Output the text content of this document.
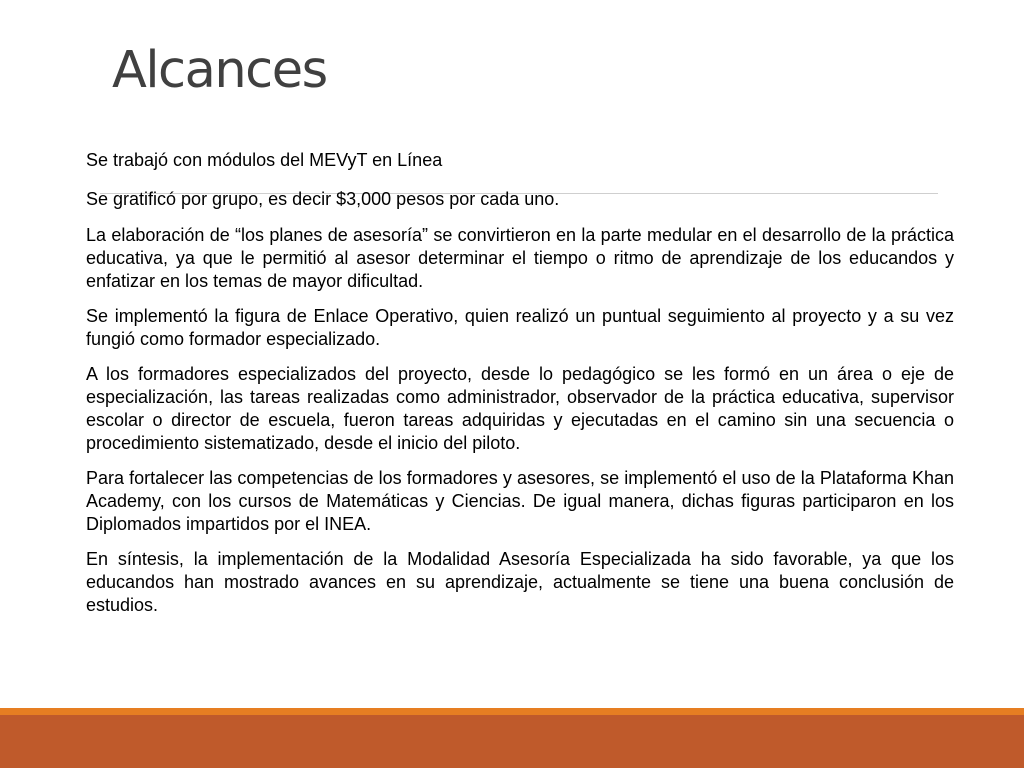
Alcances

Se trabajó con módulos del MEVyT en Línea

Se gratificó por grupo, es decir $3,000 pesos por cada uno.

La elaboración de “los planes de asesoría” se convirtieron en la parte medular en el desarrollo de la práctica educativa, ya que le permitió al asesor determinar el tiempo o ritmo de aprendizaje de los educandos y enfatizar en los temas de mayor dificultad.

Se implementó la figura de Enlace Operativo, quien realizó un puntual seguimiento al proyecto y a su vez fungió como formador especializado.

A los formadores especializados del proyecto, desde lo pedagógico se les formó en un área o eje de especialización, las tareas realizadas como administrador, observador de la práctica educativa, supervisor escolar o director de escuela, fueron tareas adquiridas y ejecutadas en el camino sin una secuencia o procedimiento sistematizado, desde el inicio del piloto.

Para fortalecer las competencias de los formadores y asesores, se implementó el uso de la Plataforma Khan Academy, con los cursos de Matemáticas y Ciencias. De igual manera, dichas figuras participaron en los Diplomados impartidos por el INEA.

En síntesis, la implementación de la Modalidad Asesoría Especializada ha sido favorable, ya que los educandos han mostrado avances en su aprendizaje, actualmente se tiene una buena conclusión de estudios.
